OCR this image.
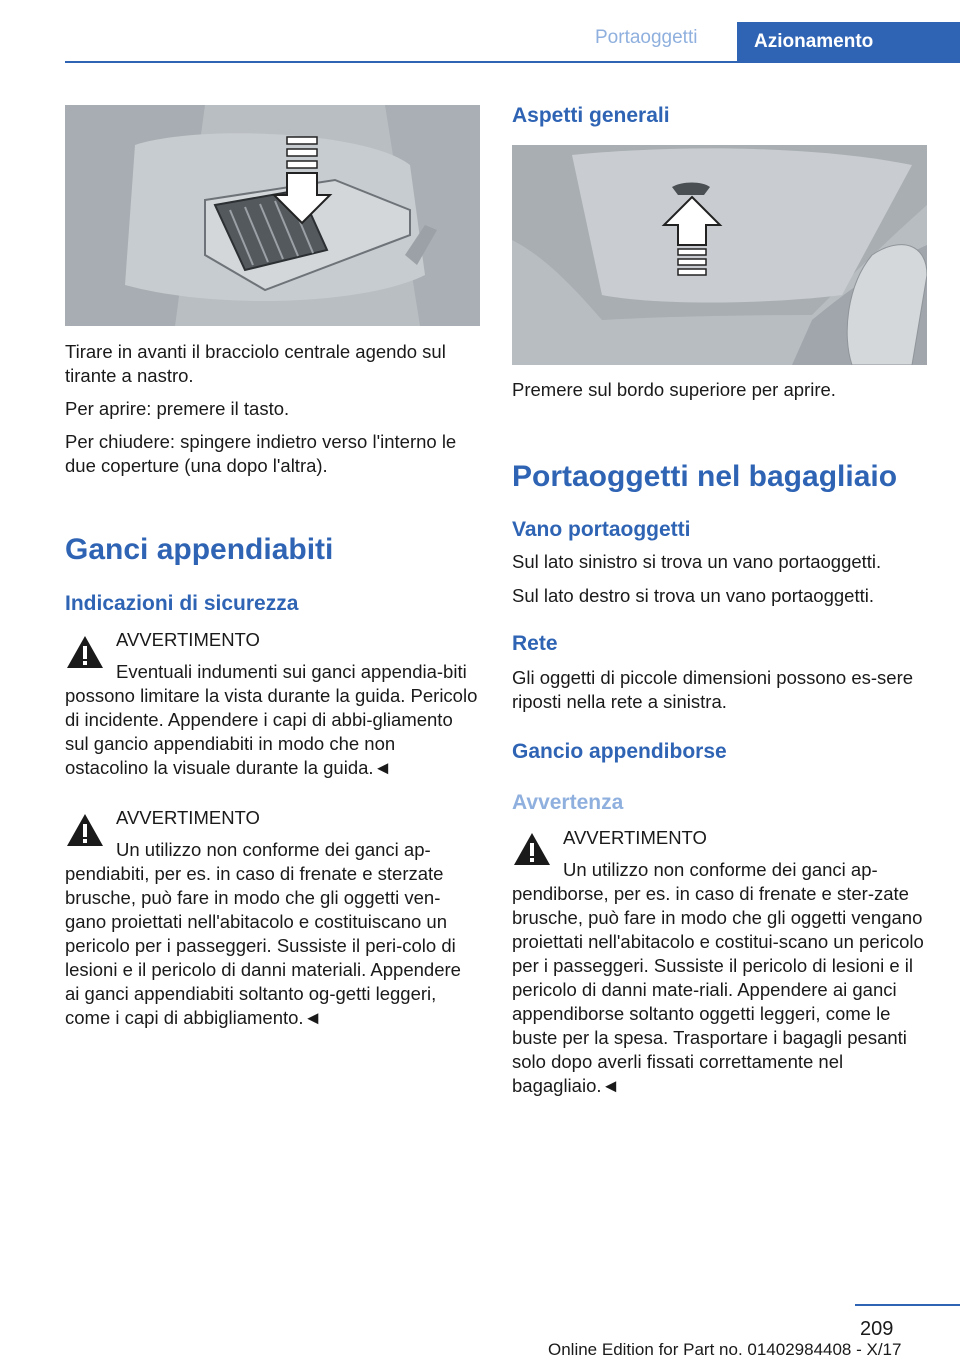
Portaoggetti	Azionamento

Tirare in avanti il bracciolo centrale agendo sul tirante a nastro.

Per aprire: premere il tasto.

Per chiudere: spingere indietro verso l'interno le due coperture (una dopo l'altra).

Ganci appendiabiti
Indicazioni di sicurezza

AVVERTIMENTO

Eventuali indumenti sui ganci appendia-biti possono limitare la vista durante la guida. Pericolo di incidente. Appendere i capi di abbi-gliamento sul gancio appendiabiti in modo che non ostacolino la visuale durante la guida.◄

AVVERTIMENTO

Un utilizzo non conforme dei ganci ap-pendiabiti, per es. in caso di frenate e sterzate brusche, può fare in modo che gli oggetti ven-gano proiettati nell'abitacolo e costituiscano un pericolo per i passeggeri. Sussiste il peri-colo di lesioni e il pericolo di danni materiali. Appendere ai ganci appendiabiti soltanto og-getti leggeri, come i capi di abbigliamento.◄

Aspetti generali

Premere sul bordo superiore per aprire.

Portaoggetti nel bagagliaio
Vano portaoggetti

Sul lato sinistro si trova un vano portaoggetti.

Sul lato destro si trova un vano portaoggetti.

Rete

Gli oggetti di piccole dimensioni possono es-sere riposti nella rete a sinistra.

Gancio appendiborse
Avvertenza

AVVERTIMENTO

Un utilizzo non conforme dei ganci ap-pendiborse, per es. in caso di frenate e ster-zate brusche, può fare in modo che gli oggetti vengano proiettati nell'abitacolo e costitui-scano un pericolo per i passeggeri. Sussiste il pericolo di lesioni e il pericolo di danni mate-riali. Appendere ai ganci appendiborse soltanto oggetti leggeri, come le buste per la spesa. Trasportare i bagagli pesanti solo dopo averli fissati correttamente nel bagagliaio.◄

209
Online Edition for Part no. 01402984408 - X/17
